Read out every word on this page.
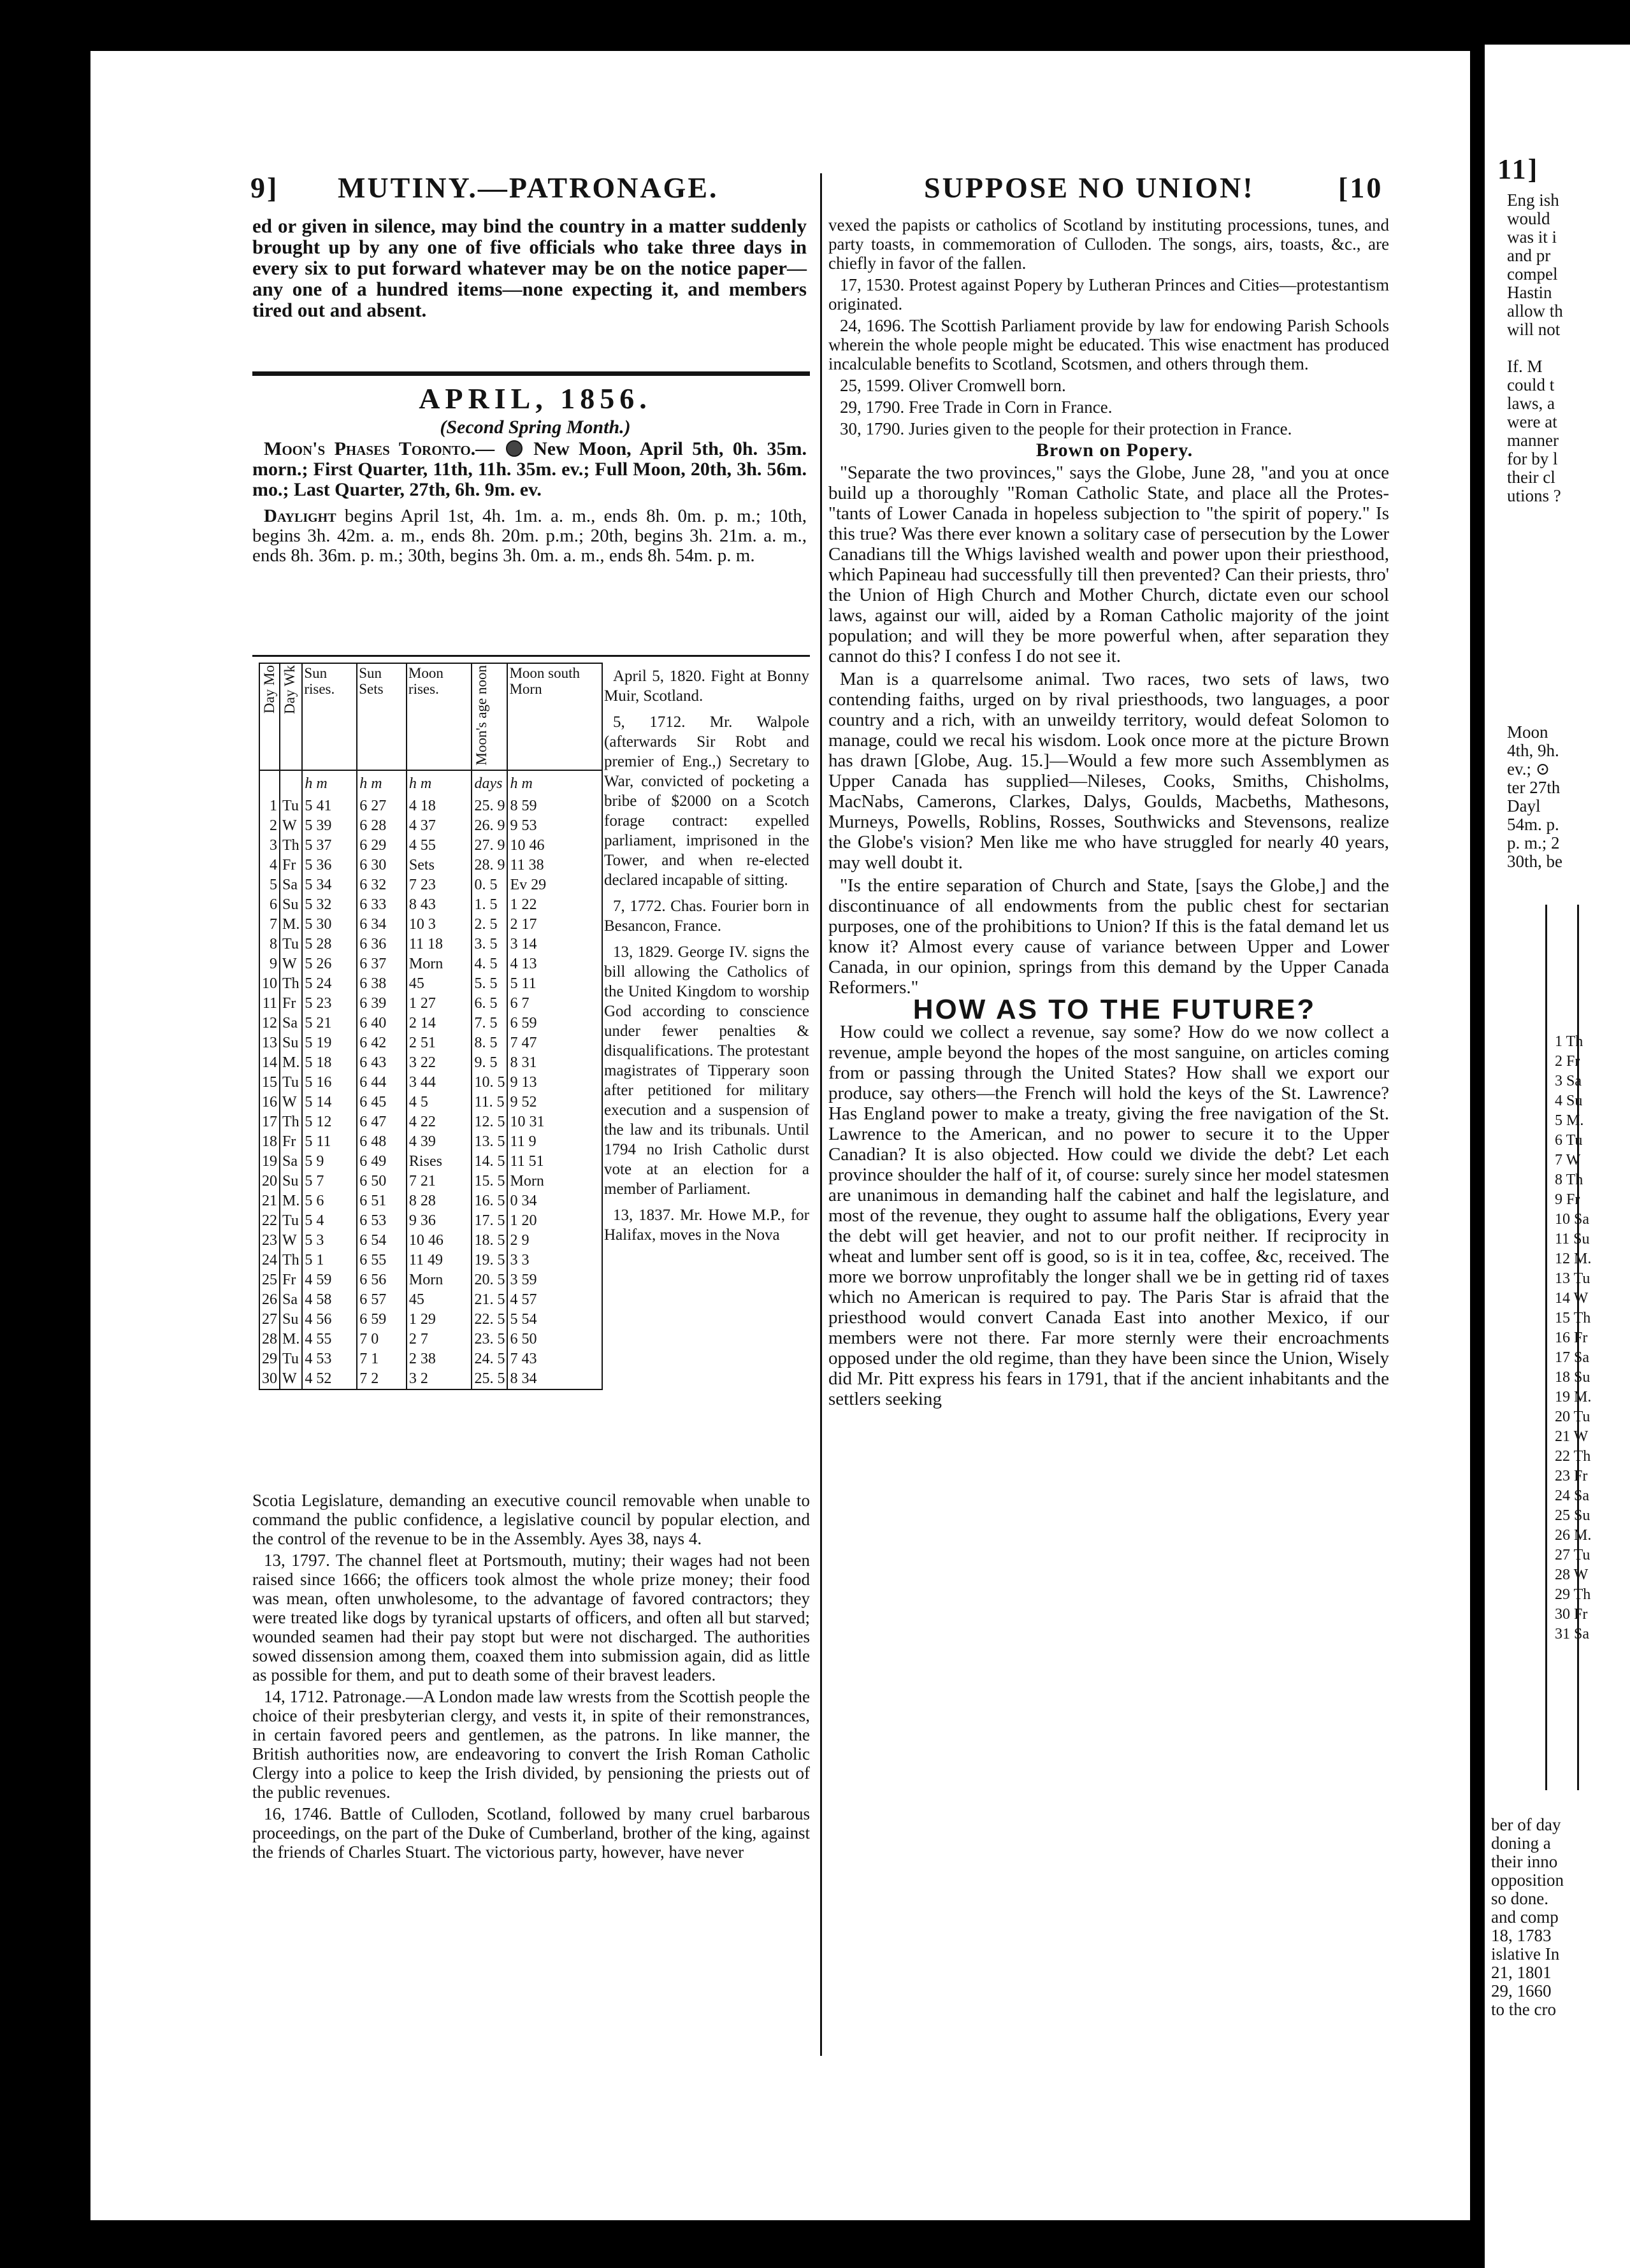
9] MUTINY.—PATRONAGE.	SUPPOSE NO UNION!	[10

ed or given in silence, may bind the country in a matter suddenly brought up by any one of five officials who take three days in every six to put forward whatever may be on the notice paper—any one of a hundred items—none expecting it, and members tired out and absent.

APRIL, 1856.

(Second Spring Month.)

Moon's Phases Toronto.— New Moon, April 5th, 0h. 35m. morn.; First Quarter, 11th, 11h. 35m. ev.; Full Moon, 20th, 3h. 56m. mo.; Last Quarter, 27th, 6h. 9m. ev.

Daylight begins April 1st, 4h. 1m. a. m., ends 8h. 0m. p. m.; 10th, begins 3h. 42m. a. m., ends 8h. 20m. p.m.; 20th, begins 3h. 21m. a. m., ends 8h. 36m. p. m.; 30th, begins 3h. 0m. a. m., ends 8h. 54m. p. m.

Day Mo	Day Wk	Sun rises.	Sun Sets	Moon rises.	Moon's age noon	Moon south Morn
		h m	h m	h m	days	h m
1	Tu	5 41	6 27	4 18	25. 9	8 59
2	W	5 39	6 28	4 37	26. 9	9 53
3	Th	5 37	6 29	4 55	27. 9	10 46
4	Fr	5 36	6 30	Sets	28. 9	11 38
5	Sa	5 34	6 32	7 23	0. 5	Ev 29
6	Su	5 32	6 33	8 43	1. 5	1 22
7	M.	5 30	6 34	10 3	2. 5	2 17
8	Tu	5 28	6 36	11 18	3. 5	3 14
9	W	5 26	6 37	Morn	4. 5	4 13
10	Th	5 24	6 38	45	5. 5	5 11
11	Fr	5 23	6 39	1 27	6. 5	6 7
12	Sa	5 21	6 40	2 14	7. 5	6 59
13	Su	5 19	6 42	2 51	8. 5	7 47
14	M.	5 18	6 43	3 22	9. 5	8 31
15	Tu	5 16	6 44	3 44	10. 5	9 13
16	W	5 14	6 45	4 5	11. 5	9 52
17	Th	5 12	6 47	4 22	12. 5	10 31
18	Fr	5 11	6 48	4 39	13. 5	11 9
19	Sa	5 9	6 49	Rises	14. 5	11 51
20	Su	5 7	6 50	7 21	15. 5	Morn
21	M.	5 6	6 51	8 28	16. 5	0 34
22	Tu	5 4	6 53	9 36	17. 5	1 20
23	W	5 3	6 54	10 46	18. 5	2 9
24	Th	5 1	6 55	11 49	19. 5	3 3
25	Fr	4 59	6 56	Morn	20. 5	3 59
26	Sa	4 58	6 57	45	21. 5	4 57
27	Su	4 56	6 59	1 29	22. 5	5 54
28	M.	4 55	7 0	2 7	23. 5	6 50
29	Tu	4 53	7 1	2 38	24. 5	7 43
30	W	4 52	7 2	3 2	25. 5	8 34

April 5, 1820. Fight at Bonny Muir, Scotland.

5, 1712. Mr. Walpole (afterwards Sir Robt and premier of Eng.,) Secretary to War, convicted of pocketing a bribe of $2000 on a Scotch forage contract: expelled parliament, imprisoned in the Tower, and when re-elected declared incapable of sitting.

7, 1772. Chas. Fourier born in Besancon, France.

13, 1829. George IV. signs the bill allowing the Catholics of the United Kingdom to worship God according to conscience under fewer penalties & disqualifications. The protestant magistrates of Tipperary soon after petitioned for military execution and a suspension of the law and its tribunals. Until 1794 no Irish Catholic durst vote at an election for a member of Parliament.

13, 1837. Mr. Howe M.P., for Halifax, moves in the Nova

Scotia Legislature, demanding an executive council removable when unable to command the public confidence, a legislative council by popular election, and the control of the revenue to be in the Assembly. Ayes 38, nays 4.

13, 1797. The channel fleet at Portsmouth, mutiny; their wages had not been raised since 1666; the officers took almost the whole prize money; their food was mean, often unwholesome, to the advantage of favored contractors; they were treated like dogs by tyranical upstarts of officers, and often all but starved; wounded seamen had their pay stopt but were not discharged. The authorities sowed dissension among them, coaxed them into submission again, did as little as possible for them, and put to death some of their bravest leaders.

14, 1712. Patronage.—A London made law wrests from the Scottish people the choice of their presbyterian clergy, and vests it, in spite of their remonstrances, in certain favored peers and gentlemen, as the patrons. In like manner, the British authorities now, are endeavoring to convert the Irish Roman Catholic Clergy into a police to keep the Irish divided, by pensioning the priests out of the public revenues.

16, 1746. Battle of Culloden, Scotland, followed by many cruel barbarous proceedings, on the part of the Duke of Cumberland, brother of the king, against the friends of Charles Stuart. The victorious party, however, have never

vexed the papists or catholics of Scotland by instituting processions, tunes, and party toasts, in commemoration of Culloden. The songs, airs, toasts, &c., are chiefly in favor of the fallen.

17, 1530. Protest against Popery by Lutheran Princes and Cities—protestantism originated.

24, 1696. The Scottish Parliament provide by law for endowing Parish Schools wherein the whole people might be educated. This wise enactment has produced incalculable benefits to Scotland, Scotsmen, and others through them.

25, 1599. Oliver Cromwell born.

29, 1790. Free Trade in Corn in France.

30, 1790. Juries given to the people for their protection in France.

Brown on Popery.

"Separate the two provinces," says the Globe, June 28, "and you at once build up a thoroughly "Roman Catholic State, and place all the Protes- "tants of Lower Canada in hopeless subjection to "the spirit of popery." Is this true? Was there ever known a solitary case of persecution by the Lower Canadians till the Whigs lavished wealth and power upon their priesthood, which Papineau had successfully till then prevented? Can their priests, thro' the Union of High Church and Mother Church, dictate even our school laws, against our will, aided by a Roman Catholic majority of the joint population; and will they be more powerful when, after separation they cannot do this? I confess I do not see it.

Man is a quarrelsome animal. Two races, two sets of laws, two contending faiths, urged on by rival priesthoods, two languages, a poor country and a rich, with an unweildy territory, would defeat Solomon to manage, could we recal his wisdom. Look once more at the picture Brown has drawn [Globe, Aug. 15.]—Would a few more such Assemblymen as Upper Canada has supplied—Nileses, Cooks, Smiths, Chisholms, MacNabs, Camerons, Clarkes, Dalys, Goulds, Macbeths, Mathesons, Murneys, Powells, Roblins, Rosses, Southwicks and Stevensons, realize the Globe's vision? Men like me who have struggled for nearly 40 years, may well doubt it.

"Is the entire separation of Church and State, [says the Globe,] and the discontinuance of all endowments from the public chest for sectarian purposes, one of the prohibitions to Union? If this is the fatal demand let us know it? Almost every cause of variance between Upper and Lower Canada, in our opinion, springs from this demand by the Upper Canada Reformers."

HOW AS TO THE FUTURE?

How could we collect a revenue, say some? How do we now collect a revenue, ample beyond the hopes of the most sanguine, on articles coming from or passing through the United States? How shall we export our produce, say others—the French will hold the keys of the St. Lawrence? Has England power to make a treaty, giving the free navigation of the St. Lawrence to the American, and no power to secure it to the Upper Canadian? It is also objected. How could we divide the debt? Let each province shoulder the half of it, of course: surely since her model statesmen are unanimous in demanding half the cabinet and half the legislature, and most of the revenue, they ought to assume half the obligations, Every year the debt will get heavier, and not to our profit neither. If reciprocity in wheat and lumber sent off is good, so is it in tea, coffee, &c, received. The more we borrow unprofitably the longer shall we be in getting rid of taxes which no American is required to pay. The Paris Star is afraid that the priesthood would convert Canada East into another Mexico, if our members were not there. Far more sternly were their encroachments opposed under the old regime, than they have been since the Union, Wisely did Mr. Pitt express his fears in 1791, that if the ancient inhabitants and the settlers seeking

11]
Eng ish
would
was it i
and pr
compel
Hastin
allow th
will not
If. M
could t
laws, a
were at
manner
for by l
their cl
utions ?
Moon
4th, 9h.
ev.; ⊙
ter 27th
Dayl
54m. p.
p. m.; 2
30th, be
1 Th
2 Fr
3 Sa
4 Su
5 M.
6 Tu
7 W
8 Th
9 Fr
10 Sa
11 Su
12 M.
13 Tu
14 W
15 Th
16 Fr
17 Sa
18 Su
19 M.
20 Tu
21 W
22 Th
23 Fr
24 Sa
25 Su
26 M.
27 Tu
28 W
29 Th
30 Fr
31 Sa
ber of day
doning a
their inno
opposition
so done.
and comp
18, 1783
islative In
21, 1801
29, 1660
to the cro
